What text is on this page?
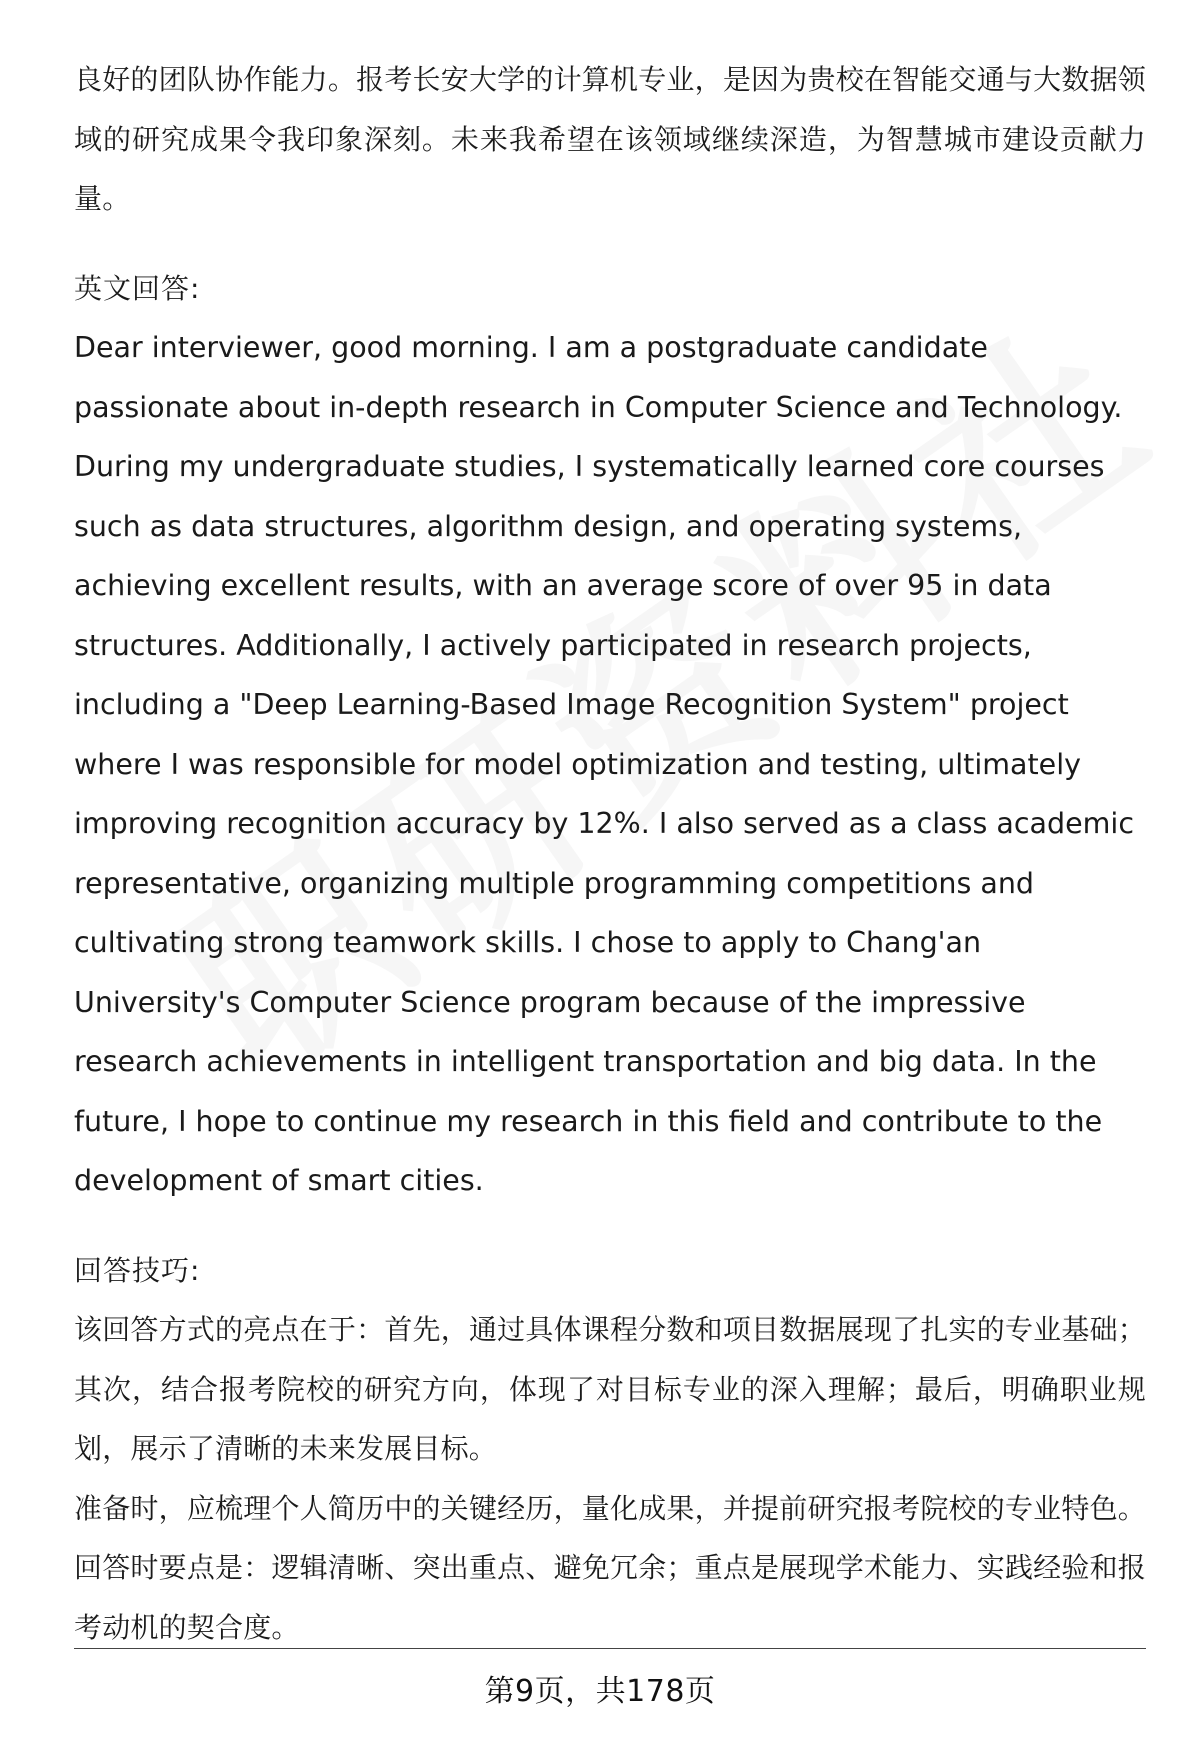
良好的团队协作能力。报考长安大学的计算机专业，是因为贵校在智能交通与大数据领域的研究成果令我印象深刻。未来我希望在该领域继续深造，为智慧城市建设贡献力量。

英文回答:

Dear interviewer, good morning. I am a postgraduate candidate passionate about in-depth research in Computer Science and Technology. During my undergraduate studies, I systematically learned core courses such as data structures, algorithm design, and operating systems, achieving excellent results, with an average score of over 95 in data structures. Additionally, I actively participated in research projects, including a "Deep Learning-Based Image Recognition System" project where I was responsible for model optimization and testing, ultimately improving recognition accuracy by 12%. I also served as a class academic representative, organizing multiple programming competitions and cultivating strong teamwork skills. I chose to apply to Chang'an University's Computer Science program because of the impressive research achievements in intelligent transportation and big data. In the future, I hope to continue my research in this field and contribute to the development of smart cities.

回答技巧:

该回答方式的亮点在于：首先，通过具体课程分数和项目数据展现了扎实的专业基础；其次，结合报考院校的研究方向，体现了对目标专业的深入理解；最后，明确职业规划，展示了清晰的未来发展目标。

准备时，应梳理个人简历中的关键经历，量化成果，并提前研究报考院校的专业特色。回答时要点是：逻辑清晰、突出重点、避免冗余；重点是展现学术能力、实践经验和报考动机的契合度。

第9页，共178页
